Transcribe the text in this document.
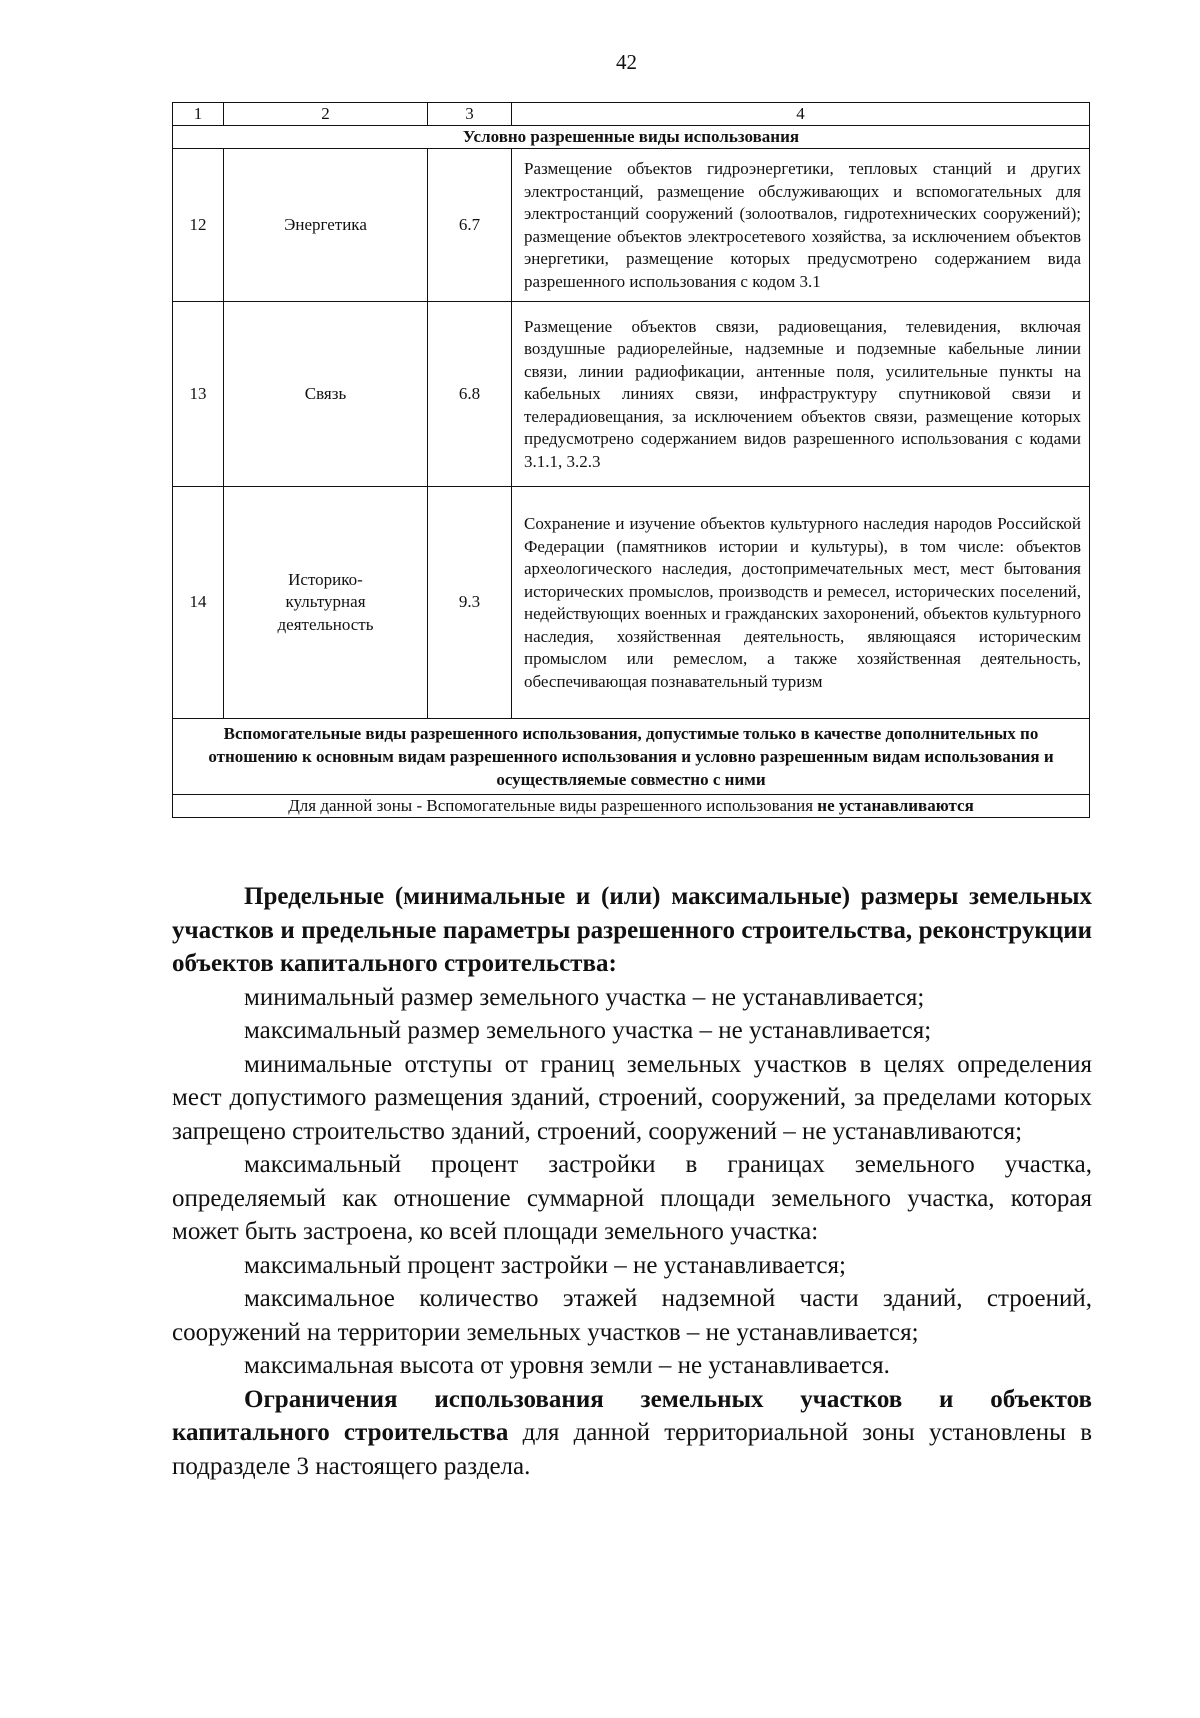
42
1	2	3	4
Условно разрешенные виды использования			
12	Энергетика	6.7	Размещение объектов гидроэнергетики, тепловых станций и других электростанций, размещение обслуживающих и вспомогательных для электростанций сооружений (золоотвалов, гидротехнических сооружений); размещение объектов электросетевого хозяйства, за исключением объектов энергетики, размещение которых предусмотрено содержанием вида разрешенного использования с кодом 3.1

13	Связь	6.8	Размещение объектов связи, радиовещания, телевидения, включая воздушные радиорелейные, надземные и подземные кабельные линии связи, линии радиофикации, антенные поля, усилительные пункты на кабельных линиях связи, инфраструктуру спутниковой связи и телерадиовещания, за исключением объектов связи, размещение которых предусмотрено содержанием видов разрешенного использования с кодами 3.1.1, 3.2.3

14	Историко-культурная деятельность	9.3	Сохранение и изучение объектов культурного наследия народов Российской Федерации (памятников истории и культуры), в том числе: объектов археологического наследия, достопримечательных мест, мест бытования исторических промыслов, производств и ремесел, исторических поселений, недействующих военных и гражданских захоронений, объектов культурного наследия, хозяйственная деятельность, являющаяся историческим промыслом или ремеслом, а также хозяйственная деятельность, обеспечивающая познавательный туризм

Вспомогательные виды разрешенного использования, допустимые только в качестве дополнительных по отношению к основным видам разрешенного использования и условно разрешенным видам использования и осуществляемые совместно с ними			
Для данной зоны - Вспомогательные виды разрешенного использования не устанавливаются			

Предельные (минимальные и (или) максимальные) размеры земельных участков и предельные параметры разрешенного строительства, реконструкции объектов капитального строительства:

минимальный размер земельного участка – не устанавливается;

максимальный размер земельного участка – не устанавливается;

минимальные отступы от границ земельных участков в целях определения мест допустимого размещения зданий, строений, сооружений, за пределами которых запрещено строительство зданий, строений, сооружений – не устанавливаются;

максимальный процент застройки в границах земельного участка, определяемый как отношение суммарной площади земельного участка, которая может быть застроена, ко всей площади земельного участка:

максимальный процент застройки – не устанавливается;

максимальное количество этажей надземной части зданий, строений, сооружений на территории земельных участков – не устанавливается;

максимальная высота от уровня земли – не устанавливается.

Ограничения использования земельных участков и объектов капитального строительства для данной территориальной зоны установлены в подразделе 3 настоящего раздела.
